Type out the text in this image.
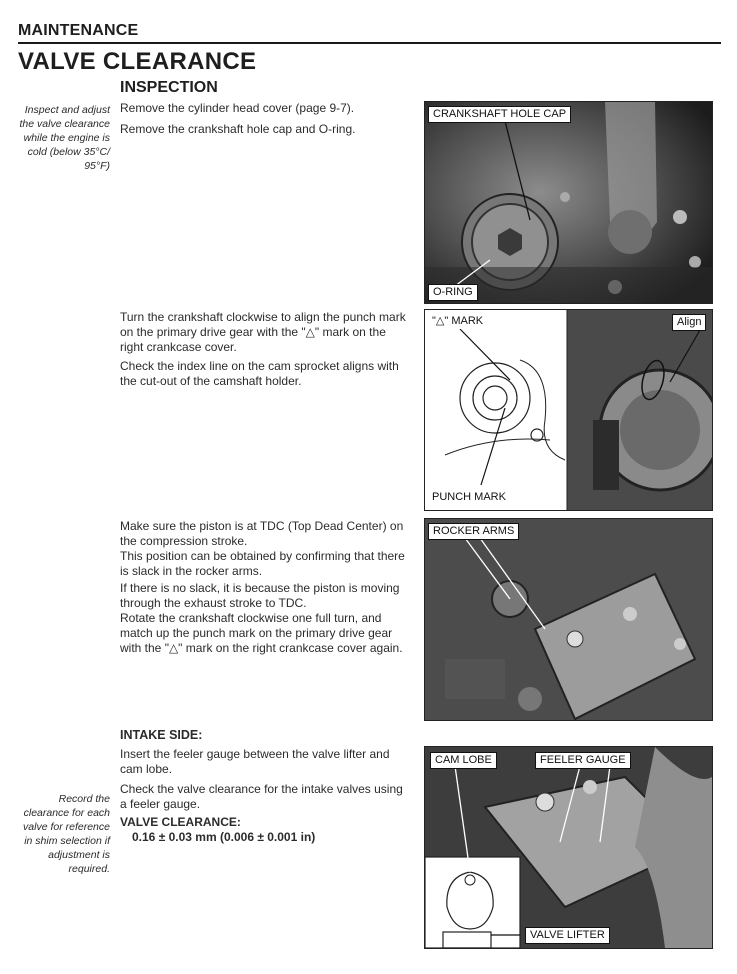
MAINTENANCE
VALVE CLEARANCE
INSPECTION
Inspect and adjust the valve clearance while the engine is cold (below 35°C/ 95°F)
Record the clearance for each valve for reference in shim selection if adjustment is required.
Remove the cylinder head cover (page 9-7).
Remove the crankshaft hole cap and O-ring.
Turn the crankshaft clockwise to align the punch mark on the primary drive gear with the "△" mark on the right crankcase cover.
Check the index line on the cam sprocket aligns with the cut-out of the camshaft holder.
Make sure the piston is at TDC (Top Dead Center) on the compression stroke.
This position can be obtained by confirming that there is slack in the rocker arms.
If there is no slack, it is because the piston is moving through the exhaust stroke to TDC.
Rotate the crankshaft clockwise one full turn, and match up the punch mark on the primary drive gear with the "△" mark on the right crankcase cover again.
INTAKE SIDE:
Insert the feeler gauge between the valve lifter and cam lobe.
Check the valve clearance for the intake valves using a feeler gauge.
VALVE CLEARANCE:
0.16 ± 0.03 mm (0.006 ± 0.001 in)
CRANKSHAFT HOLE CAP
O-RING
"△" MARK	Align
PUNCH MARK
ROCKER ARMS
CAM LOBE	FEELER GAUGE
VALVE LIFTER
